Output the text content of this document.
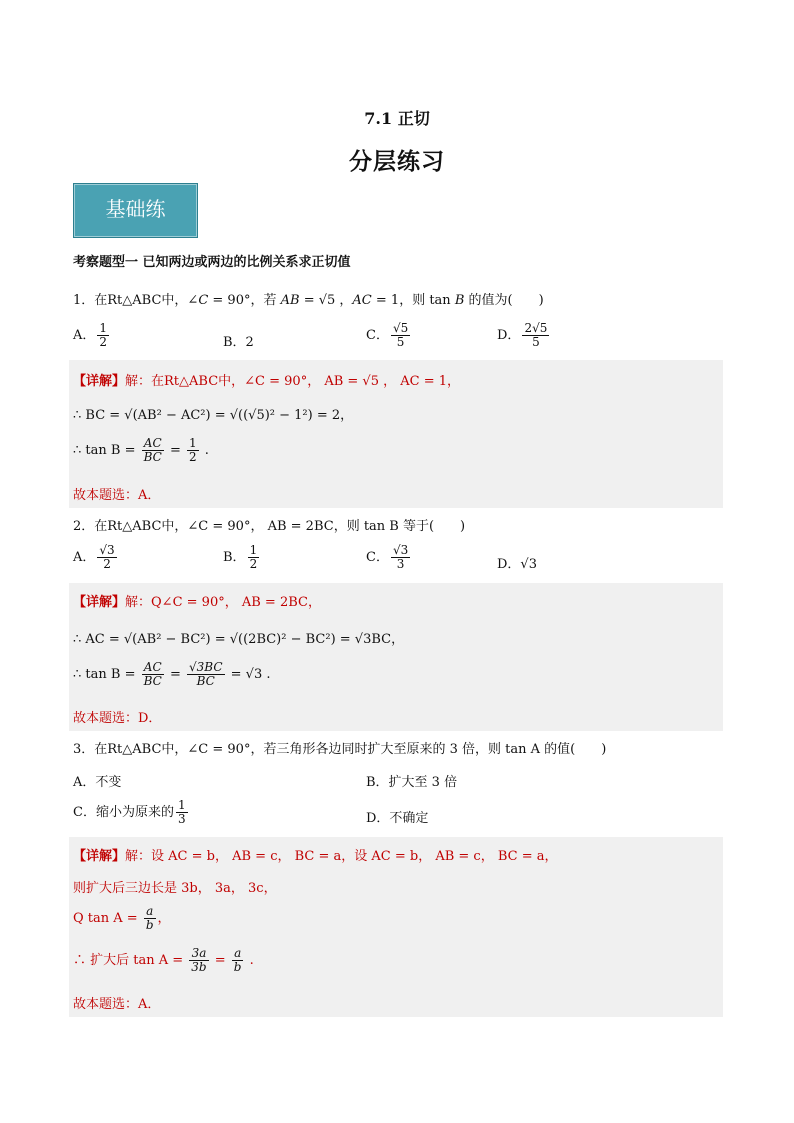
7.1 正切
分层练习
基础练
考察题型一 已知两边或两边的比例关系求正切值
1．在Rt△ABC中，∠C = 90°，若 AB = √5 ，AC = 1，则 tan B 的值为(　　)
A． $\frac{1}{2}$	B．2	C． $\frac{√5}{5}$	D． $\frac{2√5}{5}$
【详解】解：在Rt△ABC中，∠C = 90°， AB = √5 ， AC = 1，
∴ BC = √(AB² − AC²) = √((√5)² − 1²) = 2，
∴ $\tan B = \frac{AC}{BC} = \frac{1}{2}$ .
故本题选：A．
2．在Rt△ABC中，∠C = 90°， AB = 2BC，则 tan B 等于(　　)
A． $\frac{√3}{2}$	B． $\frac{1}{2}$	C． $\frac{√3}{3}$	D．√3
【详解】解：Q∠C = 90°， AB = 2BC，
∴ AC = √(AB² − BC²) = √((2BC)² − BC²) = √3BC，
∴ $\tan B = \frac{AC}{BC} = \frac{√3BC}{BC} = √3$ .
故本题选：D．
3．在Rt△ABC中，∠C = 90°，若三角形各边同时扩大至原来的 3 倍，则 tan A 的值(　　)
A．不变	B．扩大至 3 倍
C．缩小为原来的 $\frac{1}{3}$	D．不确定
【详解】解：设 AC = b， AB = c， BC = a，设 AC = b， AB = c， BC = a，
则扩大后三边长是 3b， 3a， 3c，
Q $\tan A = \frac{a}{b}$ ，
∴ 扩大后 $\tan A = \frac{3a}{3b} = \frac{a}{b}$ .
故本题选：A．
